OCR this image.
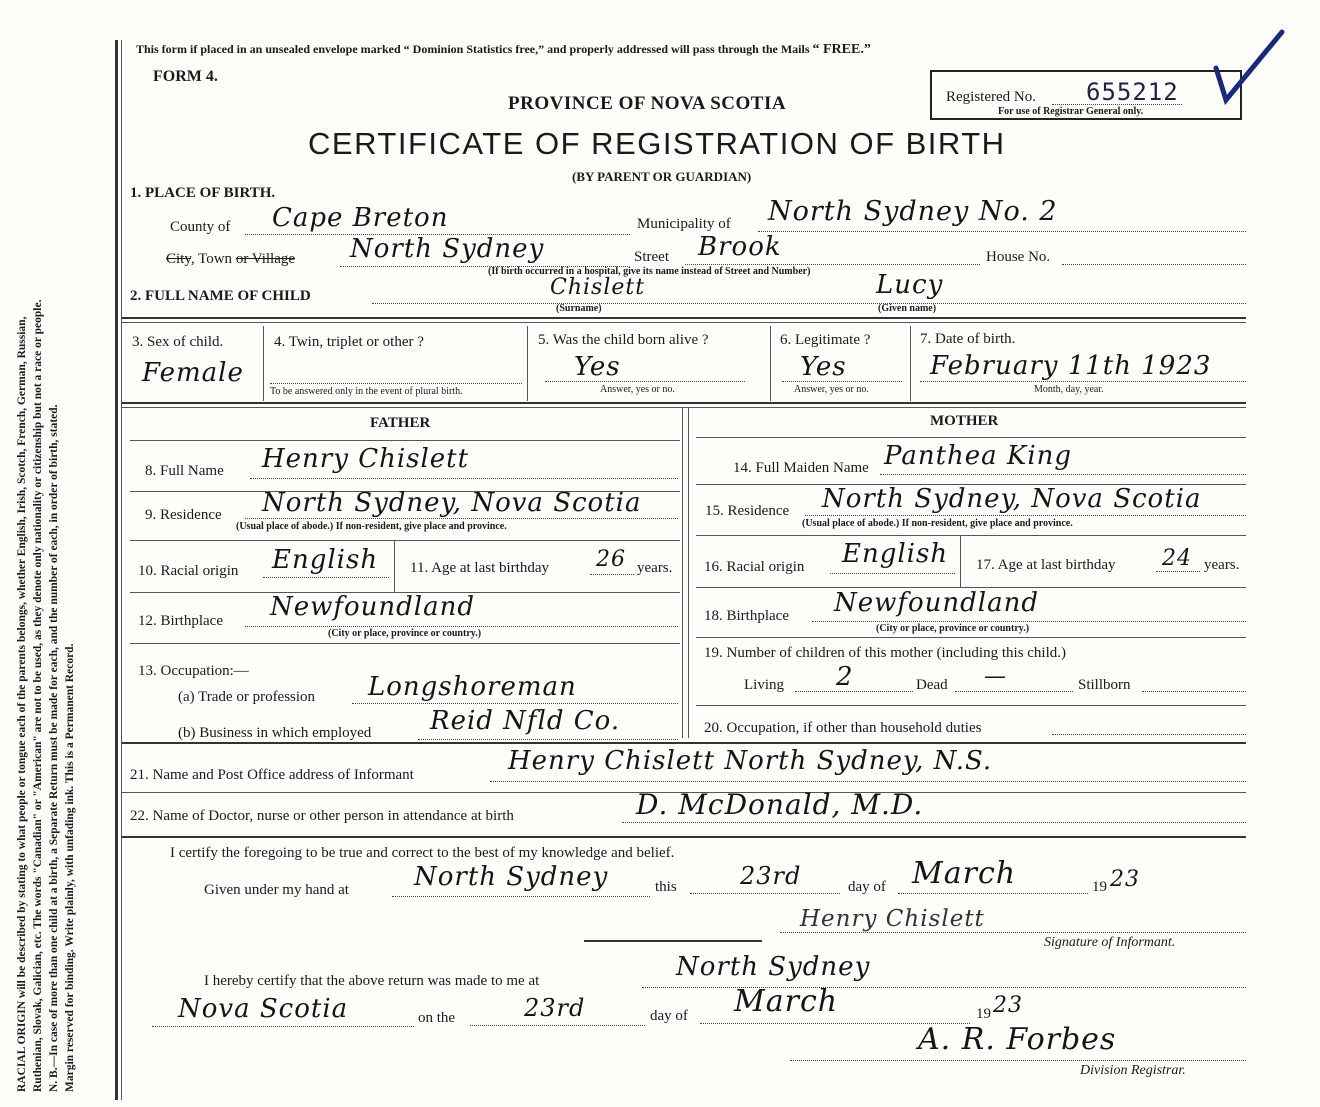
RACIAL ORIGIN will be described by stating to what people or tongue each of the parents belongs, whether English, Irish, Scotch, French, German, Russian, Ruthenian, Slovak, Galician, etc. The words "Canadian" or "American" are not to be used, as they denote only nationality or citizenship but not a race or people. N. B.—In case of more than one child at a birth, a Separate Return must be made for each, and the number of each, in order of birth, stated. Margin reserved for binding. Write plainly, with unfading ink. This is a Permanent Record.
This form if placed in an unsealed envelope marked “ Dominion Statistics free,” and properly addressed will pass through the Mails “ FREE.”
FORM 4.
PROVINCE OF NOVA SCOTIA
CERTIFICATE OF REGISTRATION OF BIRTH
(BY PARENT OR GUARDIAN)
Registered No. 655212
For use of Registrar General only.
1. PLACE OF BIRTH.
County of Cape Breton	Municipality of North Sydney No. 2
City, Town or Village North Sydney	Street Brook	House No.
(If birth occurred in a hospital, give its name instead of Street and Number)
2. FULL NAME OF CHILD	Chislett
(Surname)
Lucy
(Given name)
3. Sex of child.
Female
4. Twin, triplet or other ?
To be answered only in the event of plural birth.
5. Was the child born alive ?
Yes
Answer, yes or no.
6. Legitimate ?
Yes
Answer, yes or no.
7. Date of birth.
February 11th 1923
Month, day, year.
FATHER	MOTHER
8. Full Name Henry Chislett
9. Residence North Sydney, Nova Scotia
(Usual place of abode.) If non-resident, give place and province.
10. Racial origin English 11. Age at last birthday 26 years.
12. Birthplace Newfoundland
(City or place, province or country.)
13. Occupation:—
(a) Trade or profession Longshoreman
(b) Business in which employed Reid Nfld Co.
14. Full Maiden Name Panthea King
15. Residence North Sydney, Nova Scotia
(Usual place of abode.) If non-resident, give place and province.
16. Racial origin English 17. Age at last birthday 24 years.
18. Birthplace Newfoundland
(City or place, province or country.)
19. Number of children of this mother (including this child.)
Living 2	Dead —	Stillborn
20. Occupation, if other than household duties
21. Name and Post Office address of Informant	Henry Chislett North Sydney, N.S.
22. Name of Doctor, nurse or other person in attendance at birth	D. McDonald, M.D.
I certify the foregoing to be true and correct to the best of my knowledge and belief.
Given under my hand at	North Sydney	this	23rd	day of March	19 23
Henry Chislett
Signature of Informant.
I hereby certify that the above return was made to me at	North Sydney
Nova Scotia	on the	23rd	day of March	19 23
A. R. Forbes
Division Registrar.
